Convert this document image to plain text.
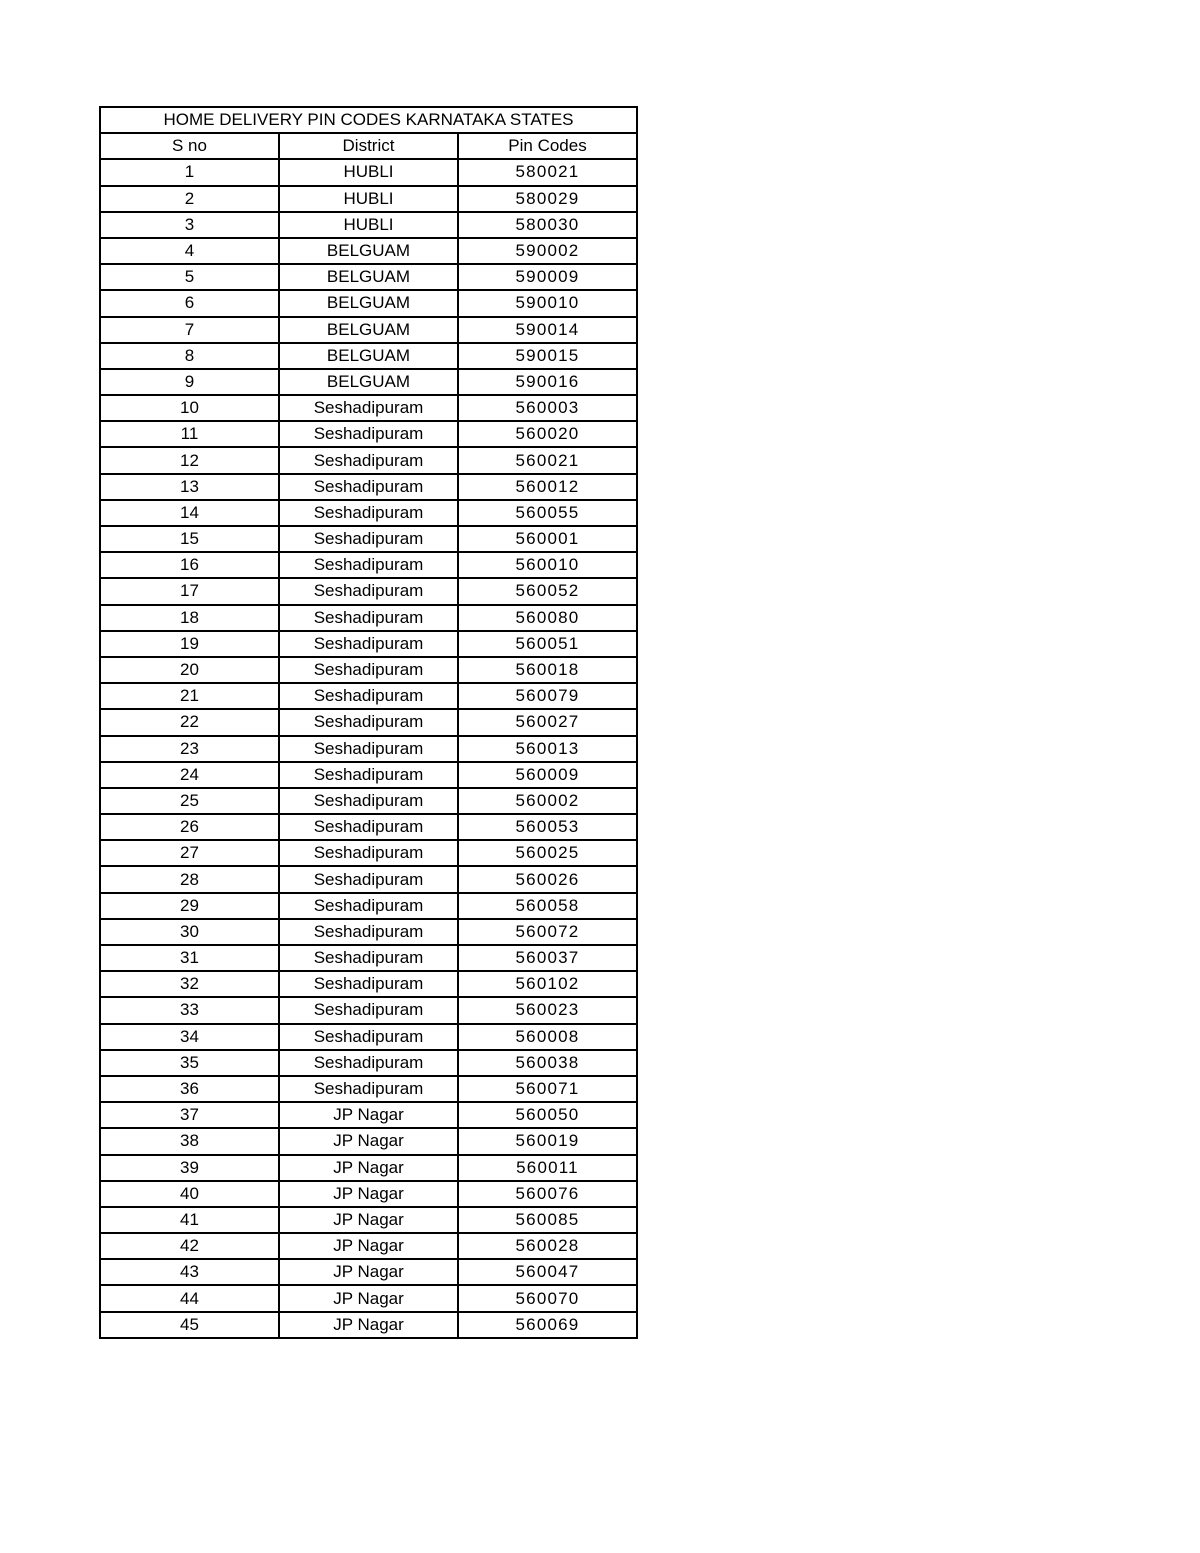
HOME DELIVERY PIN CODES KARNATAKA STATES		
S no	District	Pin Codes
1	HUBLI	580021
2	HUBLI	580029
3	HUBLI	580030
4	BELGUAM	590002
5	BELGUAM	590009
6	BELGUAM	590010
7	BELGUAM	590014
8	BELGUAM	590015
9	BELGUAM	590016
10	Seshadipuram	560003
11	Seshadipuram	560020
12	Seshadipuram	560021
13	Seshadipuram	560012
14	Seshadipuram	560055
15	Seshadipuram	560001
16	Seshadipuram	560010
17	Seshadipuram	560052
18	Seshadipuram	560080
19	Seshadipuram	560051
20	Seshadipuram	560018
21	Seshadipuram	560079
22	Seshadipuram	560027
23	Seshadipuram	560013
24	Seshadipuram	560009
25	Seshadipuram	560002
26	Seshadipuram	560053
27	Seshadipuram	560025
28	Seshadipuram	560026
29	Seshadipuram	560058
30	Seshadipuram	560072
31	Seshadipuram	560037
32	Seshadipuram	560102
33	Seshadipuram	560023
34	Seshadipuram	560008
35	Seshadipuram	560038
36	Seshadipuram	560071
37	JP Nagar	560050
38	JP Nagar	560019
39	JP Nagar	560011
40	JP Nagar	560076
41	JP Nagar	560085
42	JP Nagar	560028
43	JP Nagar	560047
44	JP Nagar	560070
45	JP Nagar	560069
